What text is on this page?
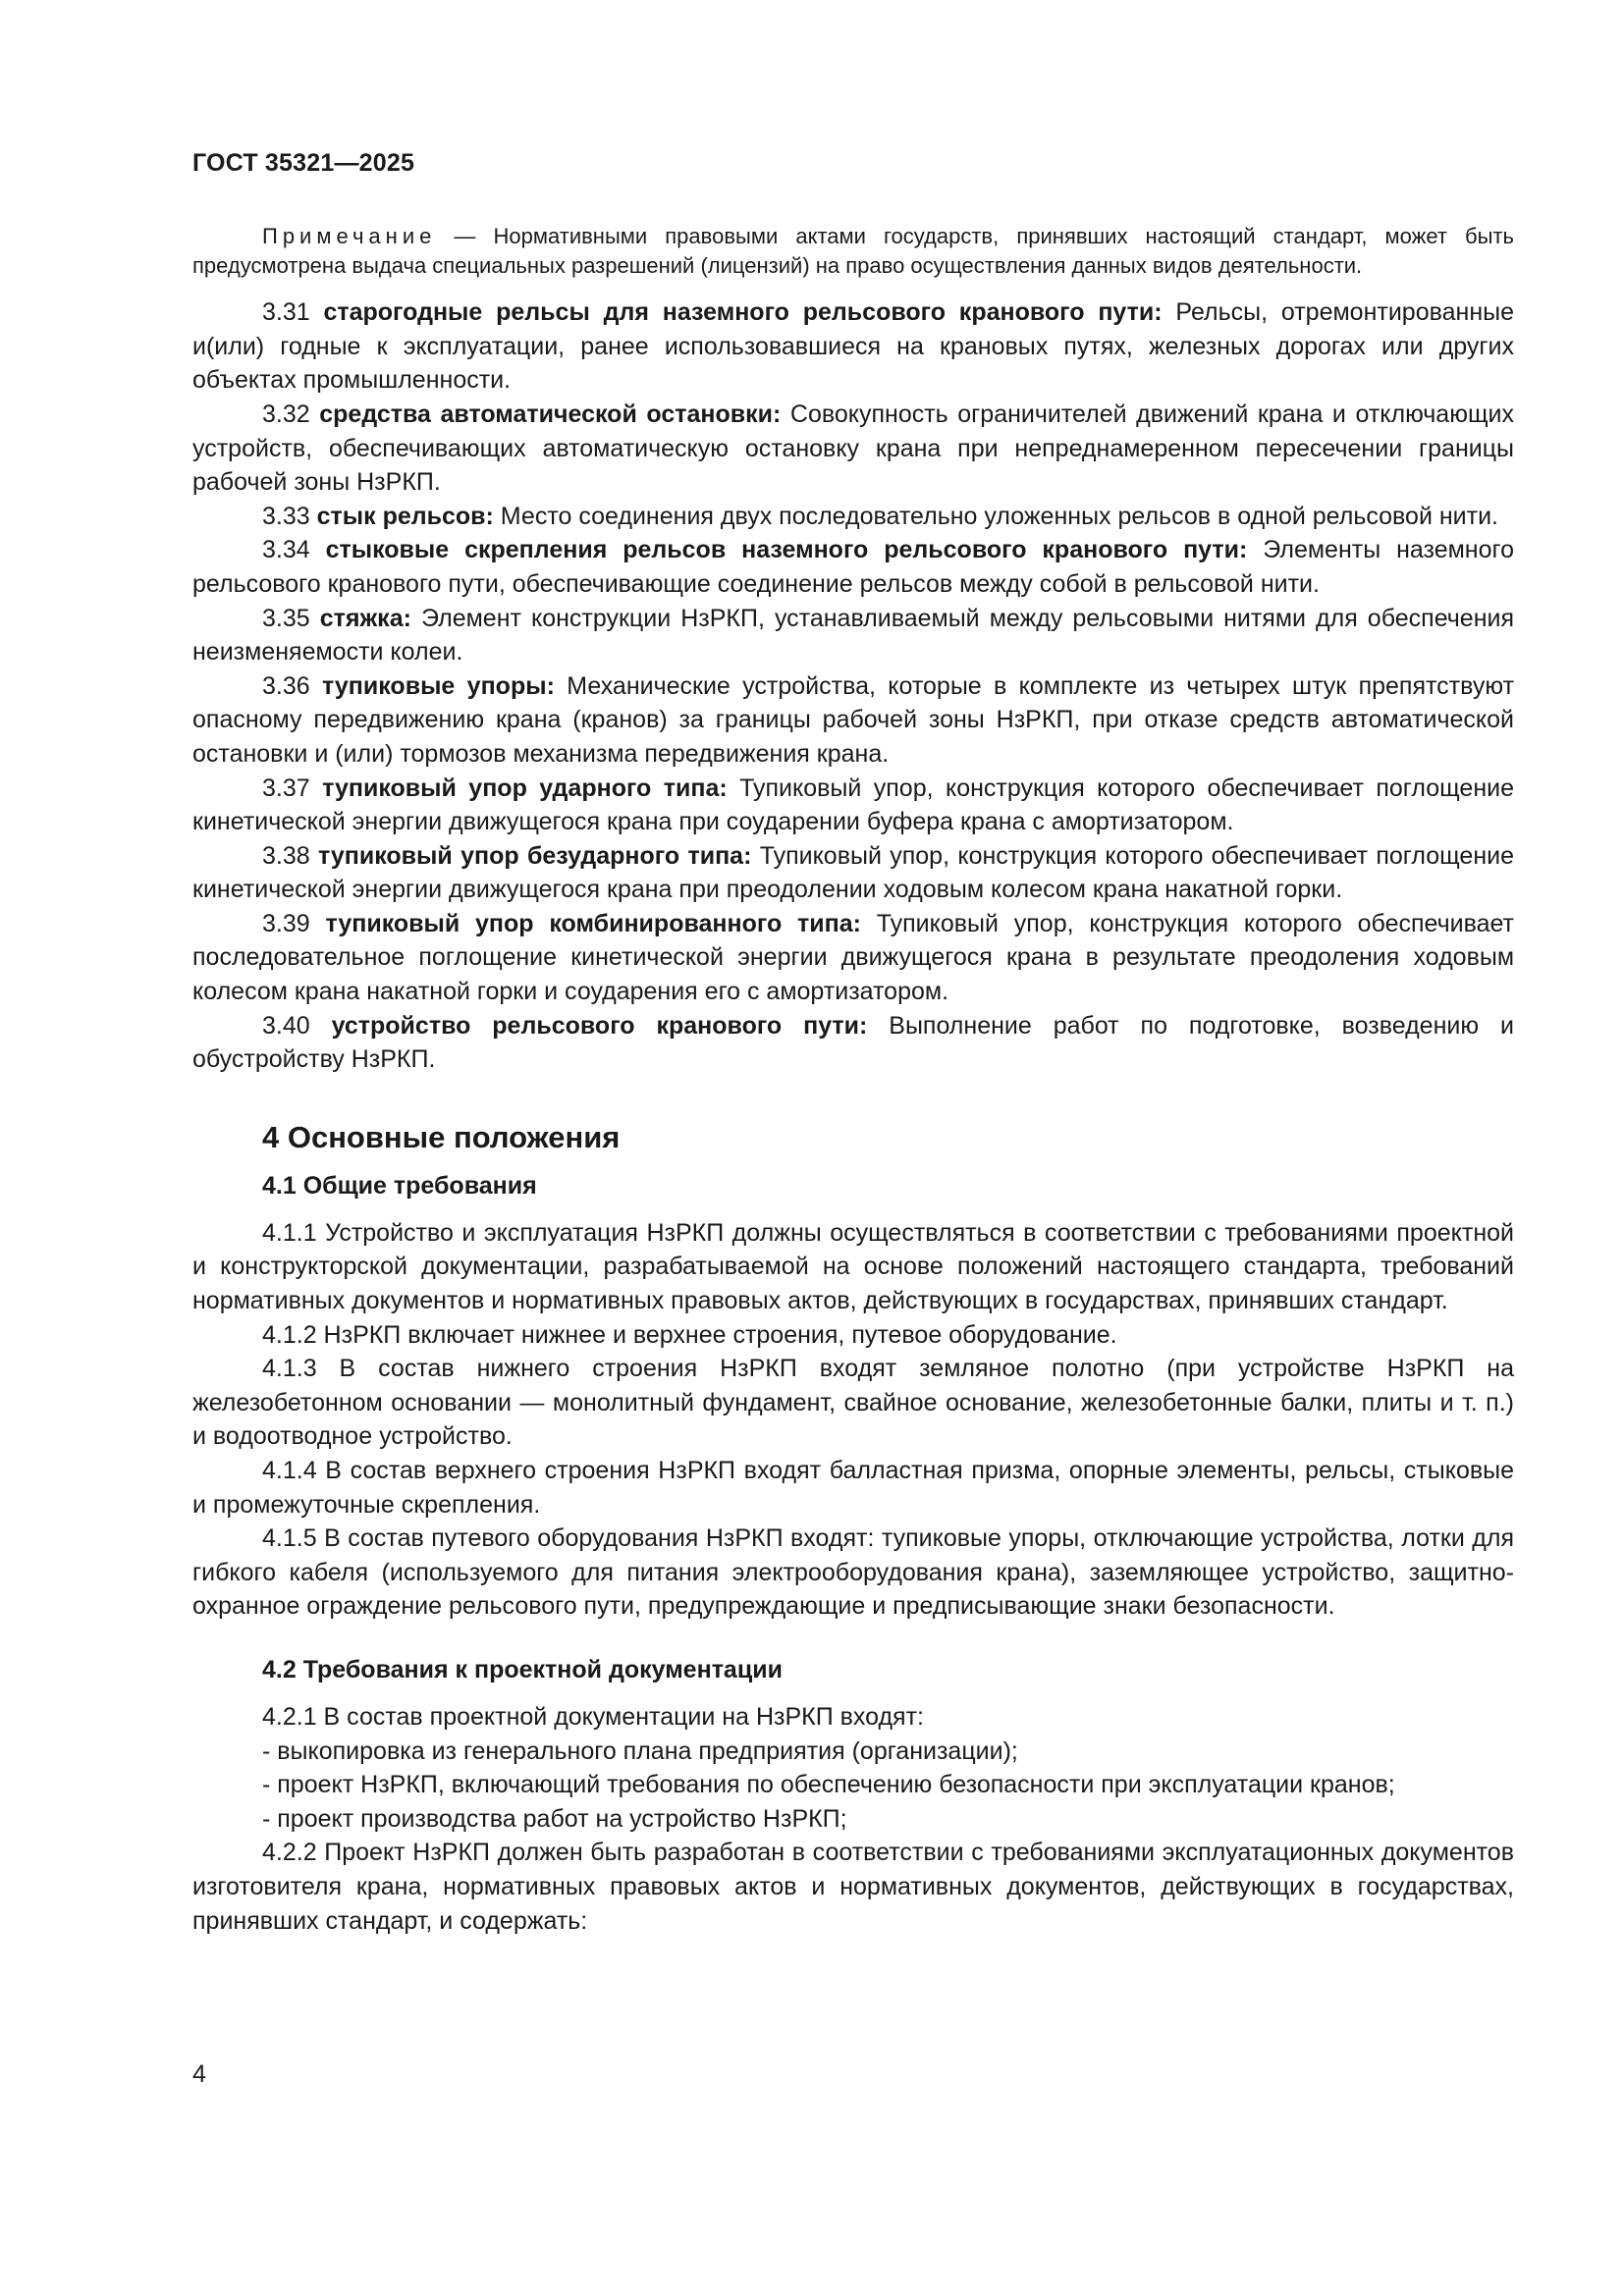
ГОСТ 35321—2025

Примечание — Нормативными правовыми актами государств, принявших настоящий стандарт, может быть предусмотрена выдача специальных разрешений (лицензий) на право осуществления данных видов деятельности.

3.31 старогодные рельсы для наземного рельсового кранового пути: Рельсы, отремонтированные и(или) годные к эксплуатации, ранее использовавшиеся на крановых путях, железных дорогах или других объектах промышленности.

3.32 средства автоматической остановки: Совокупность ограничителей движений крана и отключающих устройств, обеспечивающих автоматическую остановку крана при непреднамеренном пересечении границы рабочей зоны НзРКП.

3.33 стык рельсов: Место соединения двух последовательно уложенных рельсов в одной рельсовой нити.

3.34 стыковые скрепления рельсов наземного рельсового кранового пути: Элементы наземного рельсового кранового пути, обеспечивающие соединение рельсов между собой в рельсовой нити.

3.35 стяжка: Элемент конструкции НзРКП, устанавливаемый между рельсовыми нитями для обеспечения неизменяемости колеи.

3.36 тупиковые упоры: Механические устройства, которые в комплекте из четырех штук препятствуют опасному передвижению крана (кранов) за границы рабочей зоны НзРКП, при отказе средств автоматической остановки и (или) тормозов механизма передвижения крана.

3.37 тупиковый упор ударного типа: Тупиковый упор, конструкция которого обеспечивает поглощение кинетической энергии движущегося крана при соударении буфера крана с амортизатором.

3.38 тупиковый упор безударного типа: Тупиковый упор, конструкция которого обеспечивает поглощение кинетической энергии движущегося крана при преодолении ходовым колесом крана накатной горки.

3.39 тупиковый упор комбинированного типа: Тупиковый упор, конструкция которого обеспечивает последовательное поглощение кинетической энергии движущегося крана в результате преодоления ходовым колесом крана накатной горки и соударения его с амортизатором.

3.40 устройство рельсового кранового пути: Выполнение работ по подготовке, возведению и обустройству НзРКП.

4 Основные положения
4.1 Общие требования

4.1.1 Устройство и эксплуатация НзРКП должны осуществляться в соответствии с требованиями проектной и конструкторской документации, разрабатываемой на основе положений настоящего стандарта, требований нормативных документов и нормативных правовых актов, действующих в государствах, принявших стандарт.

4.1.2 НзРКП включает нижнее и верхнее строения, путевое оборудование.

4.1.3 В состав нижнего строения НзРКП входят земляное полотно (при устройстве НзРКП на железобетонном основании — монолитный фундамент, свайное основание, железобетонные балки, плиты и т. п.) и водоотводное устройство.

4.1.4 В состав верхнего строения НзРКП входят балластная призма, опорные элементы, рельсы, стыковые и промежуточные скрепления.

4.1.5 В состав путевого оборудования НзРКП входят: тупиковые упоры, отключающие устройства, лотки для гибкого кабеля (используемого для питания электрооборудования крана), заземляющее устройство, защитно-охранное ограждение рельсового пути, предупреждающие и предписывающие знаки безопасности.

4.2 Требования к проектной документации

4.2.1 В состав проектной документации на НзРКП входят:

- выкопировка из генерального плана предприятия (организации);

- проект НзРКП, включающий требования по обеспечению безопасности при эксплуатации кранов;

- проект производства работ на устройство НзРКП;

4.2.2 Проект НзРКП должен быть разработан в соответствии с требованиями эксплуатационных документов изготовителя крана, нормативных правовых актов и нормативных документов, действующих в государствах, принявших стандарт, и содержать:

4
